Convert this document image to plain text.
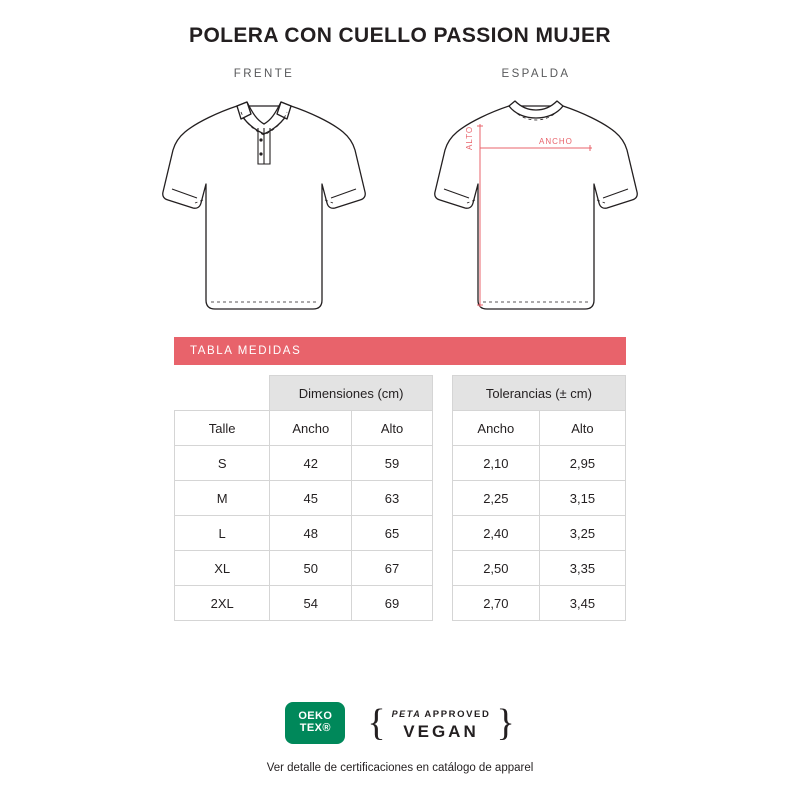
POLERA CON CUELLO PASSION MUJER
FRENTE	ESPALDA
ALTO	ANCHO
TABLA MEDIDAS
	Dimensiones (cm)			Tolerancias (± cm)	
Talle	Ancho	Alto		Ancho	Alto
S	42	59		2,10	2,95
M	45	63		2,25	3,15
L	48	65		2,40	3,25
XL	50	67		2,50	3,35
2XL	54	69		2,70	3,45
OEKO
TEX® { PETA APPROVED
VEGAN }
Ver detalle de certificaciones en catálogo de apparel
